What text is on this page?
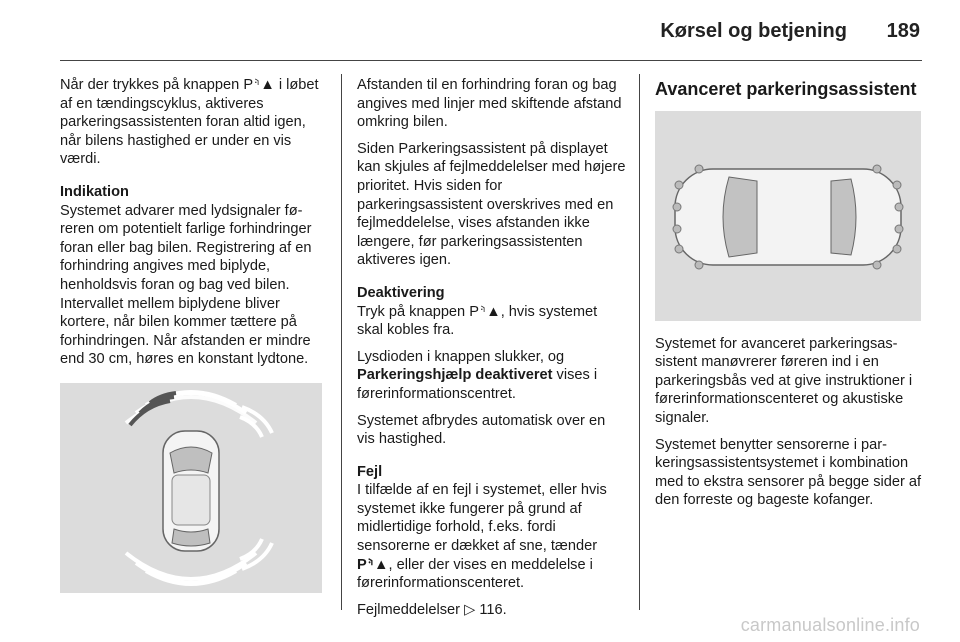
Kørsel og betjening 189

Når der trykkes på knappen P⸅▲ i løbet af en tændingscyklus, aktiveres parkeringsassistenten foran altid igen, når bilens hastighed er under en vis værdi.

Indikation
Systemet advarer med lydsignaler føreren om potentielt farlige forhindringer foran eller bag bilen. Registrering af en forhindring angives med biplyde, henholdsvis foran og bag ved bilen. Intervallet mellem biplydene bliver kortere, når bilen kommer tættere på forhindringen. Når afstanden er mindre end 30 cm, høres en konstant lydtone.

Afstanden til en forhindring foran og bag angives med linjer med skiftende afstand omkring bilen.

Siden Parkeringsassistent på displayet kan skjules af fejlmeddelelser med højere prioritet. Hvis siden for parkeringsassistent overskrives med en fejlmeddelelse, vises afstanden ikke længere, før parkeringsassistenten aktiveres igen.

Deaktivering
Tryk på knappen P⸅▲, hvis systemet skal kobles fra.

Lysdioden i knappen slukker, og Parkeringshjælp deaktiveret vises i førerinformationscentret.

Systemet afbrydes automatisk over en vis hastighed.

Fejl
I tilfælde af en fejl i systemet, eller hvis systemet ikke fungerer på grund af midlertidige forhold, f.eks. fordi sensorerne er dækket af sne, tænder P⸅▲, eller der vises en meddelelse i førerinformationscenteret.

Fejlmeddelelser ▷ 116.

Avanceret parkeringsassistent

Systemet for avanceret parkeringsassistent manøvrerer føreren ind i en parkeringsbås ved at give instruktioner i førerinformationscenteret og akustiske signaler.

Systemet benytter sensorerne i parkeringsassistentsystemet i kombination med to ekstra sensorer på begge sider af den forreste og bageste kofanger.

carmanualsonline.info
